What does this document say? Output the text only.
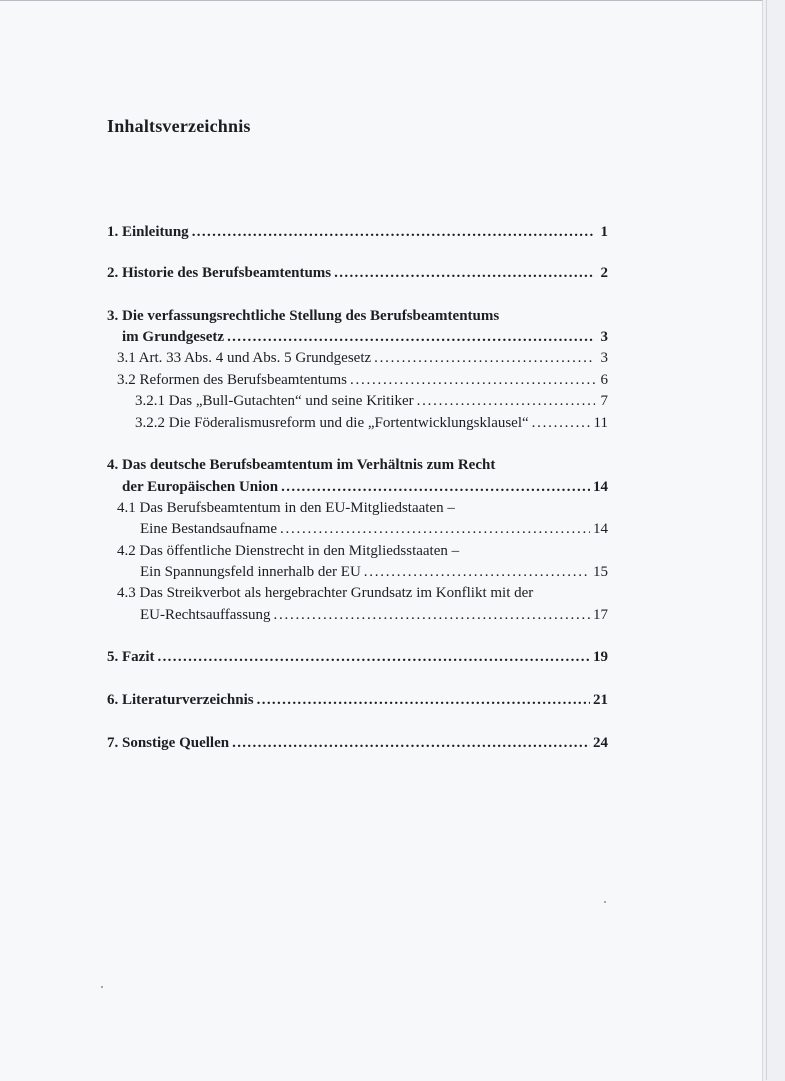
Inhaltsverzeichnis
1. Einleitung . . .	1
2. Historie des Berufsbeamtentums . . .	2
3. Die verfassungsrechtliche Stellung des Berufsbeamtentums
im Grundgesetz . . .	3
3.1 Art. 33 Abs. 4 und Abs. 5 Grundgesetz . . .	3
3.2 Reformen des Berufsbeamtentums . . .	6
3.2.1 Das „Bull-Gutachten“ und seine Kritiker . . .	7
3.2.2 Die Föderalismusreform und die „Fortentwicklungsklausel“ . . .	11
4. Das deutsche Berufsbeamtentum im Verhältnis zum Recht
der Europäischen Union . . .	14
4.1 Das Berufsbeamtentum in den EU-Mitgliedstaaten –
Eine Bestandsaufname . . .	14
4.2 Das öffentliche Dienstrecht in den Mitgliedsstaaten –
Ein Spannungsfeld innerhalb der EU . . .	15
4.3 Das Streikverbot als hergebrachter Grundsatz im Konflikt mit der
EU-Rechtsauffassung . . .	17
5. Fazit . . .	19
6. Literaturverzeichnis . . .	21
7. Sonstige Quellen . . .	24
